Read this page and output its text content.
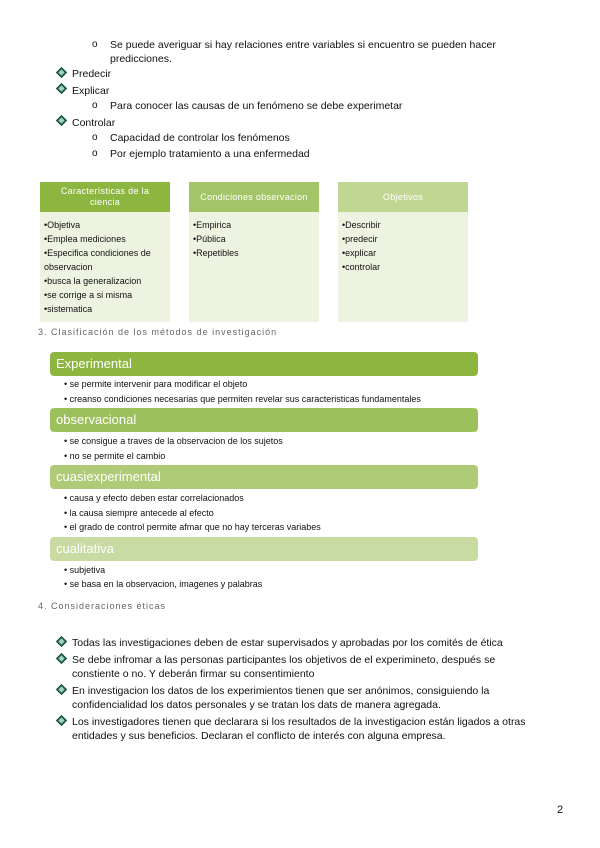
o Se puede averiguar si hay relaciones entre variables si encuentro se pueden hacer
predicciones.
Predecir
Explicar
o Para conocer las causas de un fenómeno se debe experimetar
Controlar
o Capacidad de controlar los fenómenos
o Por ejemplo tratamiento a una enfermedad
Características de la ciencia
•Objetiva
•Emplea mediciones
•Especifica condiciones de observacion
•busca la generalizacion
•se corrige a si misma
•sistematica
Condiciones observacion
•Empirica
•Pública
•Repetibles
Objetivos
•Describir
•predecir
•explicar
•controlar
3. Clasificación de los métodos de investigación
Experimental
• se permite intervenir para modificar el objeto
• creanso condiciones necesarias que permiten revelar sus caracteristicas fundamentales
observacional
• se consigue a traves de la observacion de los sujetos
• no se permite el cambio
cuasiexperimental
• causa y efecto deben estar correlacionados
• la causa siempre antecede al efecto
• el grado de control permite afmar que no hay terceras variabes
cualitativa
• subjetiva
• se basa en la observacion, imagenes y palabras
4. Consideraciones éticas
Todas las investigaciones deben de estar supervisados y aprobadas por los comités de ética
Se debe infromar a las personas participantes los objetivos de el experimineto, después se
constiente o no. Y deberán firmar su consentimiento
En investigacion los datos de los experimientos tienen que ser anónimos, consiguiendo la
confidencialidad los datos personales y se tratan los dats de manera agregada.
Los investigadores tienen que declarara si los resultados de la investigacion están ligados a otras
entidades y sus beneficios. Declaran el conflicto de interés con alguna empresa.
2
